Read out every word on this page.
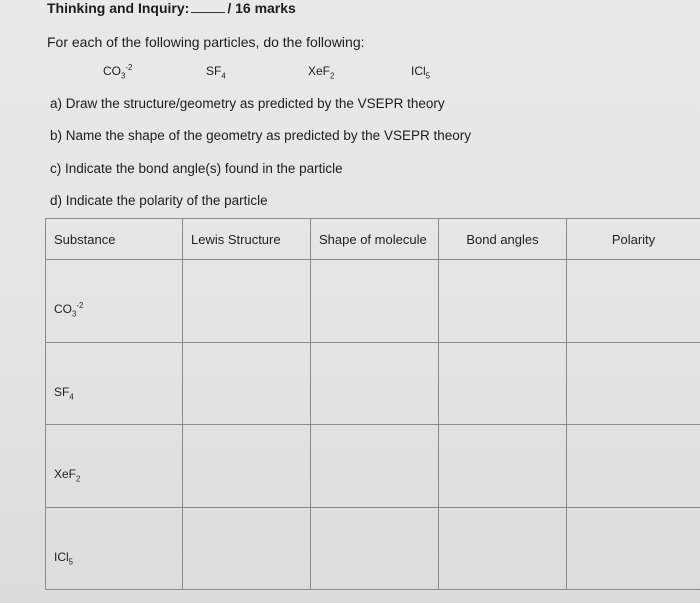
Thinking and Inquiry:	/ 16 marks
For each of the following particles, do the following:
$CO_3^{-2}$	$SF_4$	XeF$_2$	ICl$_5$
a) Draw the structure/geometry as predicted by the VSEPR theory
b) Name the shape of the geometry as predicted by the VSEPR theory
c) Indicate the bond angle(s) found in the particle
d) Indicate the polarity of the particle
Substance	Lewis Structure	Shape of molecule	Bond angles	Polarity
$CO_3^{-2}$				
$SF_4$				
XeF$_2$				
ICl$_5$				
